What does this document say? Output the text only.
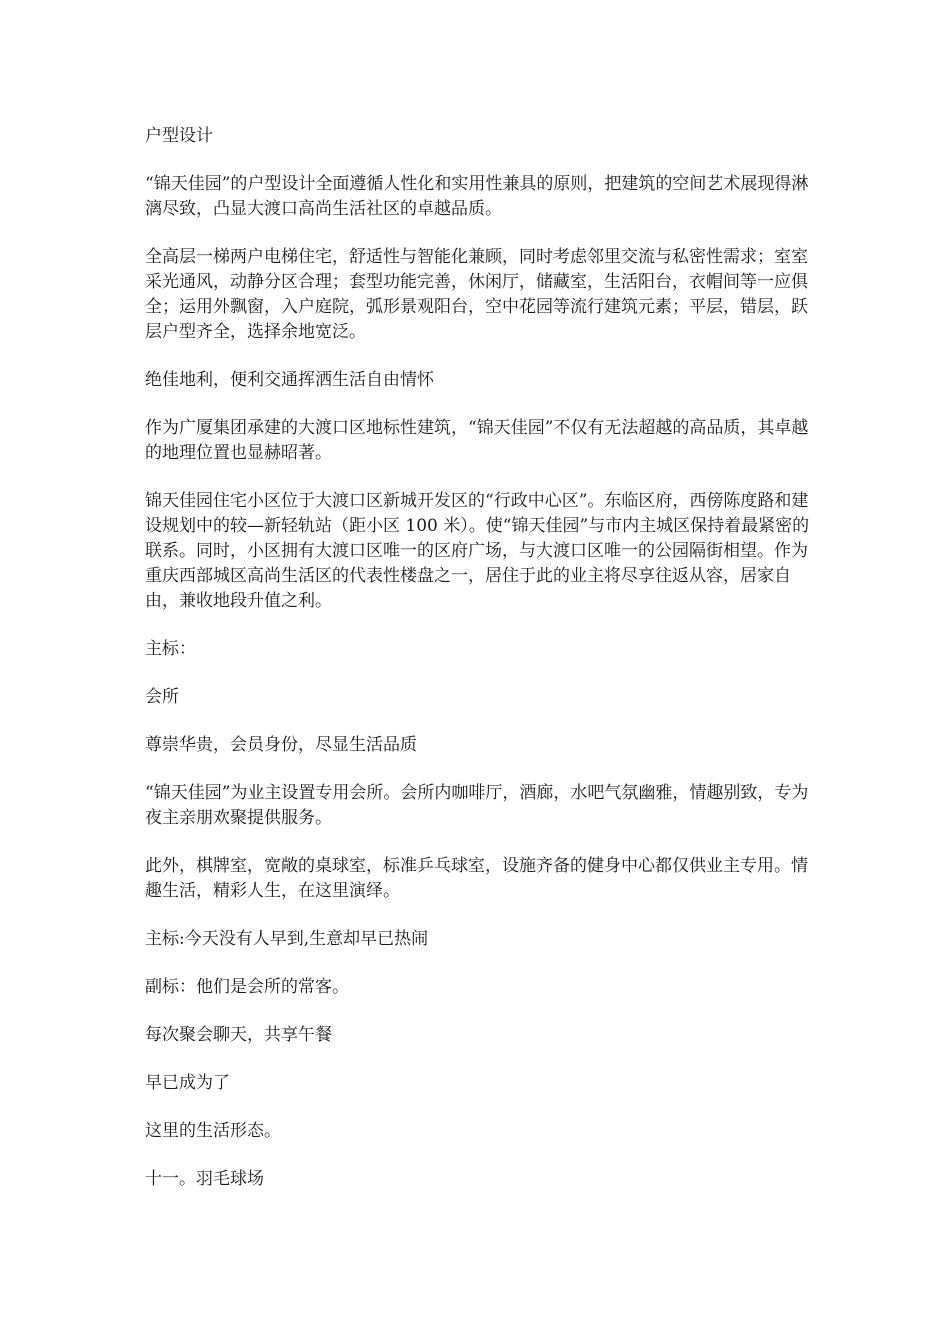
户型设计

“锦天佳园”的户型设计全面遵循人性化和实用性兼具的原则，把建筑的空间艺术展现得淋漓尽致，凸显大渡口高尚生活社区的卓越品质。

全高层一梯两户电梯住宅，舒适性与智能化兼顾，同时考虑邻里交流与私密性需求；室室采光通风，动静分区合理；套型功能完善，休闲厅，储藏室，生活阳台，衣帽间等一应俱全；运用外飘窗，入户庭院，弧形景观阳台，空中花园等流行建筑元素；平层，错层，跃层户型齐全，选择余地宽泛。

绝佳地利，便利交通挥洒生活自由情怀

作为广厦集团承建的大渡口区地标性建筑，“锦天佳园”不仅有无法超越的高品质，其卓越的地理位置也显赫昭著。

锦天佳园住宅小区位于大渡口区新城开发区的“行政中心区”。东临区府，西傍陈度路和建设规划中的较—新轻轨站（距小区 100 米）。使“锦天佳园”与市内主城区保持着最紧密的联系。同时，小区拥有大渡口区唯一的区府广场，与大渡口区唯一的公园隔街相望。作为重庆西部城区高尚生活区的代表性楼盘之一，居住于此的业主将尽享往返从容，居家自由，兼收地段升值之利。

主标：

会所

尊崇华贵，会员身份，尽显生活品质

“锦天佳园”为业主设置专用会所。会所内咖啡厅，酒廊，水吧气氛幽雅，情趣别致，专为夜主亲朋欢聚提供服务。

此外，棋牌室，宽敞的桌球室，标准乒乓球室，设施齐备的健身中心都仅供业主专用。情趣生活，精彩人生，在这里演绎。

主标:今天没有人早到,生意却早已热闹

副标：他们是会所的常客。

每次聚会聊天，共享午餐

早已成为了

这里的生活形态。

十一。羽毛球场
